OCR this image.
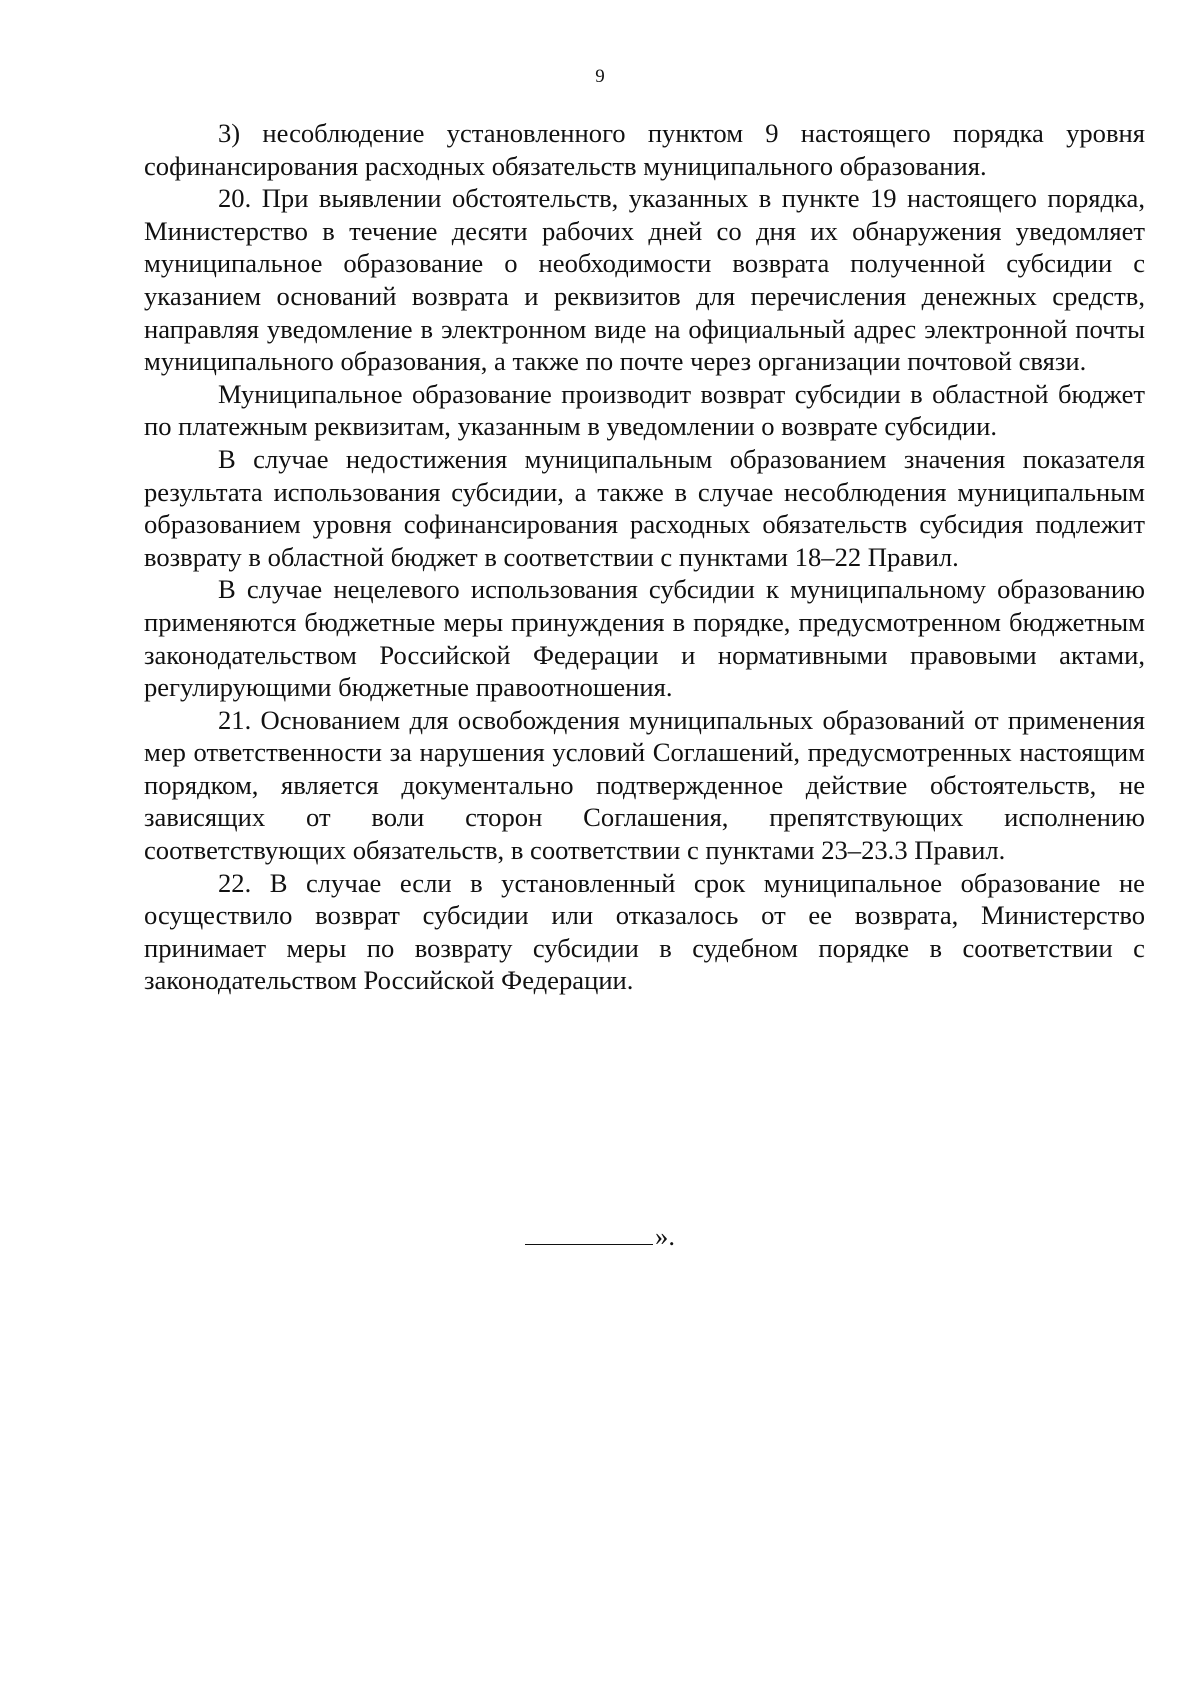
9

3) несоблюдение установленного пунктом 9 настоящего порядка уровня софинансирования расходных обязательств муниципального образования.

20. При выявлении обстоятельств, указанных в пункте 19 настоящего порядка, Министерство в течение десяти рабочих дней со дня их обнаружения уведомляет муниципальное образование о необходимости возврата полученной субсидии с указанием оснований возврата и реквизитов для перечисления денежных средств, направляя уведомление в электронном виде на официальный адрес электронной почты муниципального образования, а также по почте через организации почтовой связи.

Муниципальное образование производит возврат субсидии в областной бюджет по платежным реквизитам, указанным в уведомлении о возврате субсидии.

В случае недостижения муниципальным образованием значения показателя результата использования субсидии, а также в случае несоблюдения муниципальным образованием уровня софинансирования расходных обязательств субсидия подлежит возврату в областной бюджет в соответствии с пунктами 18–22 Правил.

В случае нецелевого использования субсидии к муниципальному образованию применяются бюджетные меры принуждения в порядке, предусмотренном бюджетным законодательством Российской Федерации и нормативными правовыми актами, регулирующими бюджетные правоотношения.

21. Основанием для освобождения муниципальных образований от применения мер ответственности за нарушения условий Соглашений, предусмотренных настоящим порядком, является документально подтвержденное действие обстоятельств, не зависящих от воли сторон Соглашения, препятствующих исполнению соответствующих обязательств, в соответствии с пунктами 23–23.3 Правил.

22. В случае если в установленный срок муниципальное образование не осуществило возврат субсидии или отказалось от ее возврата, Министерство принимает меры по возврату субсидии в судебном порядке в соответствии с законодательством Российской Федерации.

».
